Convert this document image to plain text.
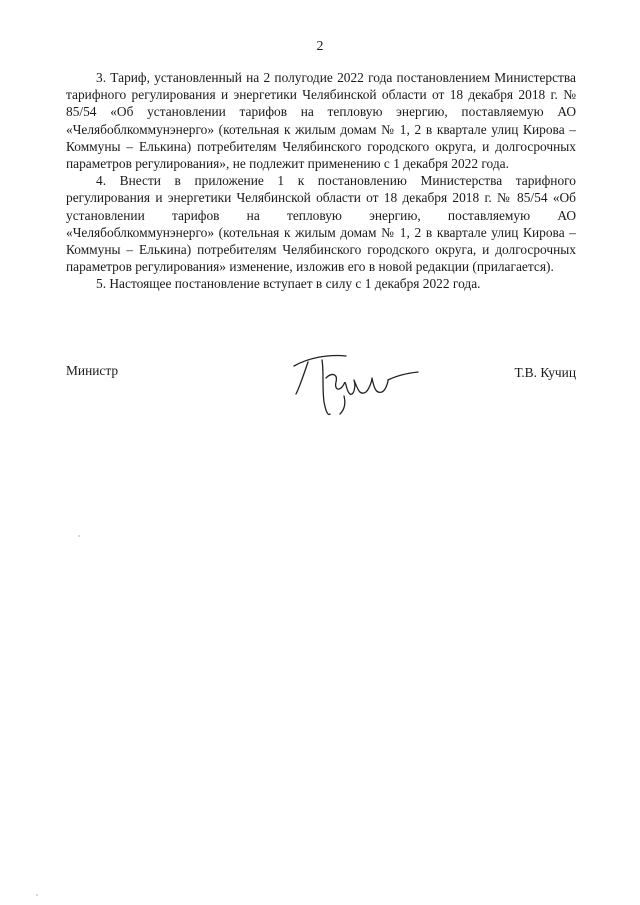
2

3. Тариф, установленный на 2 полугодие 2022 года постановлением Министерства тарифного регулирования и энергетики Челябинской области от 18 декабря 2018 г. № 85/54 «Об установлении тарифов на тепловую энергию, поставляемую АО «Челябоблкоммунэнерго» (котельная к жилым домам № 1, 2 в квартале улиц Кирова – Коммуны – Елькина) потребителям Челябинского городского округа, и долгосрочных параметров регулирования», не подлежит применению с 1 декабря 2022 года.

4. Внести в приложение 1 к постановлению Министерства тарифного регулирования и энергетики Челябинской области от 18 декабря 2018 г. № 85/54 «Об установлении тарифов на тепловую энергию, поставляемую АО «Челябоблкоммунэнерго» (котельная к жилым домам № 1, 2 в квартале улиц Кирова – Коммуны – Елькина) потребителям Челябинского городского округа, и долгосрочных параметров регулирования» изменение, изложив его в новой редакции (прилагается).

5. Настоящее постановление вступает в силу с 1 декабря 2022 года.

Министр	Т.В. Кучиц
